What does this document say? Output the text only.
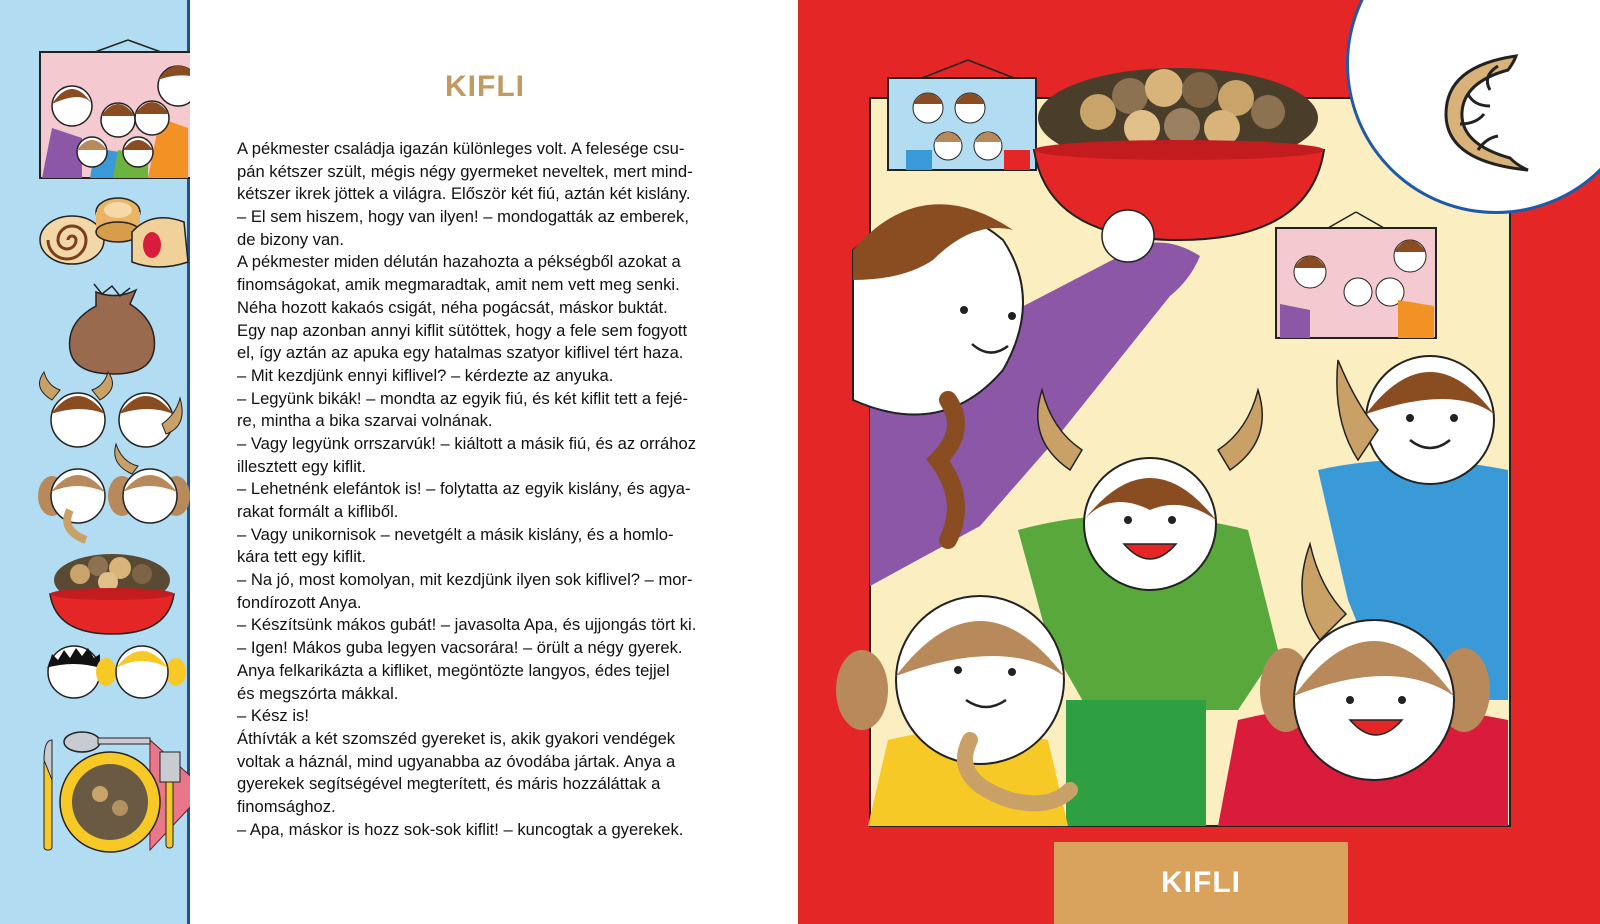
KIFLI
A pékmester családja igazán különleges volt. A felesége csu-
pán kétszer szült, mégis négy gyermeket neveltek, mert mind-
kétszer ikrek jöttek a világra. Először két fiú, aztán két kislány.
– El sem hiszem, hogy van ilyen! – mondogatták az emberek,
de bizony van.
A pékmester miden délután hazahozta a pékségből azokat a
finomságokat, amik megmaradtak, amit nem vett meg senki.
Néha hozott kakaós csigát, néha pogácsát, máskor buktát.
Egy nap azonban annyi kiflit sütöttek, hogy a fele sem fogyott
el, így aztán az apuka egy hatalmas szatyor kiflivel tért haza.
– Mit kezdjünk ennyi kiflivel? – kérdezte az anyuka.
– Legyünk bikák! – mondta az egyik fiú, és két kiflit tett a fejé-
re, mintha a bika szarvai volnának.
– Vagy legyünk orrszarvúk! – kiáltott a másik fiú, és az orrához
illesztett egy kiflit.
– Lehetnénk elefántok is! – folytatta az egyik kislány, és agya-
rakat formált a kifliből.
– Vagy unikornisok – nevetgélt a másik kislány, és a homlo-
kára tett egy kiflit.
– Na jó, most komolyan, mit kezdjünk ilyen sok kiflivel? – mor-
fondírozott Anya.
– Készítsünk mákos gubát! – javasolta Apa, és ujjongás tört ki.
– Igen! Mákos guba legyen vacsorára! – örült a négy gyerek.
Anya felkarikázta a kifliket, megöntözte langyos, édes tejjel
és megszórta mákkal.
– Kész is!
Áthívták a két szomszéd gyereket is, akik gyakori vendégek
voltak a háznál, mind ugyanabba az óvodába jártak. Anya a
gyerekek segítségével megterített, és máris hozzáláttak a
finomsághoz.
– Apa, máskor is hozz sok-sok kiflit! – kuncogtak a gyerekek.
KIFLI
